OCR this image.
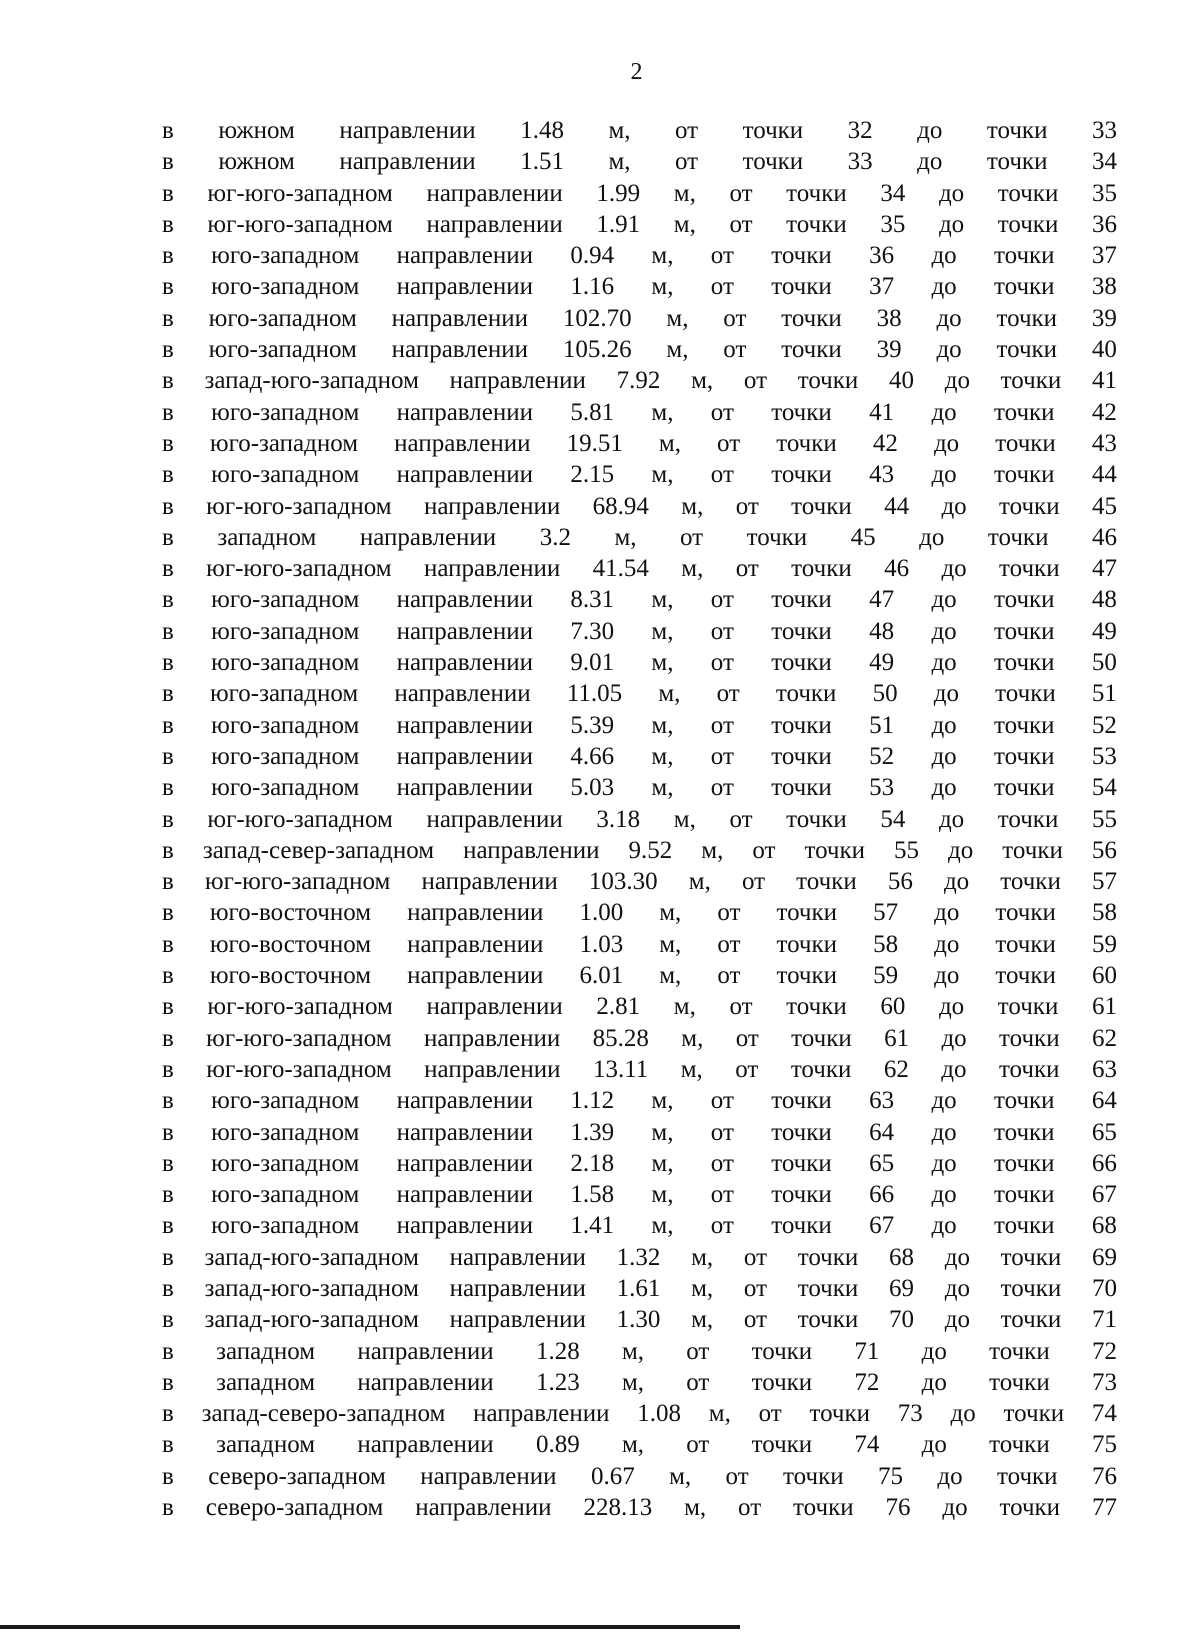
2
в южном направлении 1.48 м, от точки 32 до точки 33
в южном направлении 1.51 м, от точки 33 до точки 34
в юг-юго-западном направлении 1.99 м, от точки 34 до точки 35
в юг-юго-западном направлении 1.91 м, от точки 35 до точки 36
в юго-западном направлении 0.94 м, от точки 36 до точки 37
в юго-западном направлении 1.16 м, от точки 37 до точки 38
в юго-западном направлении 102.70 м, от точки 38 до точки 39
в юго-западном направлении 105.26 м, от точки 39 до точки 40
в запад-юго-западном направлении 7.92 м, от точки 40 до точки 41
в юго-западном направлении 5.81 м, от точки 41 до точки 42
в юго-западном направлении 19.51 м, от точки 42 до точки 43
в юго-западном направлении 2.15 м, от точки 43 до точки 44
в юг-юго-западном направлении 68.94 м, от точки 44 до точки 45
в западном направлении 3.2 м, от точки 45 до точки 46
в юг-юго-западном направлении 41.54 м, от точки 46 до точки 47
в юго-западном направлении 8.31 м, от точки 47 до точки 48
в юго-западном направлении 7.30 м, от точки 48 до точки 49
в юго-западном направлении 9.01 м, от точки 49 до точки 50
в юго-западном направлении 11.05 м, от точки 50 до точки 51
в юго-западном направлении 5.39 м, от точки 51 до точки 52
в юго-западном направлении 4.66 м, от точки 52 до точки 53
в юго-западном направлении 5.03 м, от точки 53 до точки 54
в юг-юго-западном направлении 3.18 м, от точки 54 до точки 55
в запад-север-западном направлении 9.52 м, от точки 55 до точки 56
в юг-юго-западном направлении 103.30 м, от точки 56 до точки 57
в юго-восточном направлении 1.00 м, от точки 57 до точки 58
в юго-восточном направлении 1.03 м, от точки 58 до точки 59
в юго-восточном направлении 6.01 м, от точки 59 до точки 60
в юг-юго-западном направлении 2.81 м, от точки 60 до точки 61
в юг-юго-западном направлении 85.28 м, от точки 61 до точки 62
в юг-юго-западном направлении 13.11 м, от точки 62 до точки 63
в юго-западном направлении 1.12 м, от точки 63 до точки 64
в юго-западном направлении 1.39 м, от точки 64 до точки 65
в юго-западном направлении 2.18 м, от точки 65 до точки 66
в юго-западном направлении 1.58 м, от точки 66 до точки 67
в юго-западном направлении 1.41 м, от точки 67 до точки 68
в запад-юго-западном направлении 1.32 м, от точки 68 до точки 69
в запад-юго-западном направлении 1.61 м, от точки 69 до точки 70
в запад-юго-западном направлении 1.30 м, от точки 70 до точки 71
в западном направлении 1.28 м, от точки 71 до точки 72
в западном направлении 1.23 м, от точки 72 до точки 73
в запад-северо-западном направлении 1.08 м, от точки 73 до точки 74
в западном направлении 0.89 м, от точки 74 до точки 75
в северо-западном направлении 0.67 м, от точки 75 до точки 76
в северо-западном направлении 228.13 м, от точки 76 до точки 77
